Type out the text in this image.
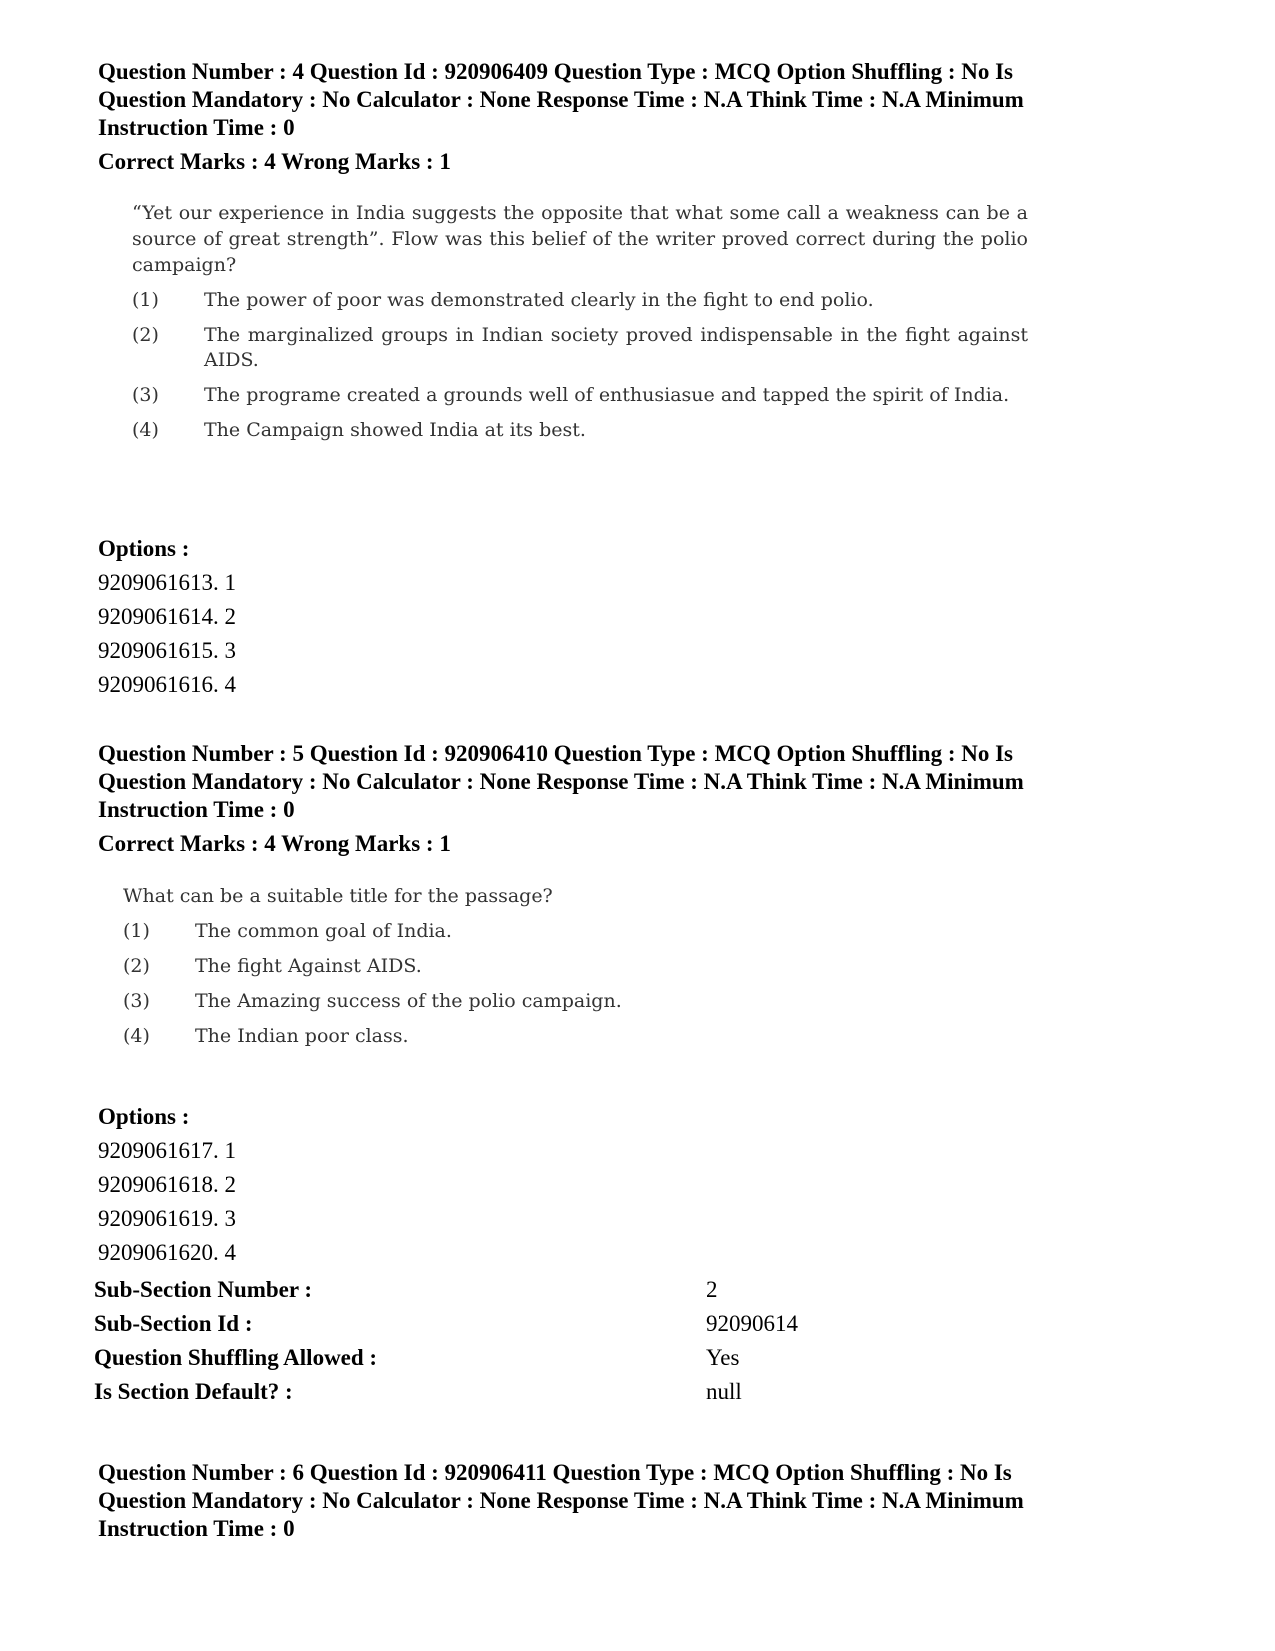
Question Number : 4 Question Id : 920906409 Question Type : MCQ Option Shuffling : No Is

Question Mandatory : No Calculator : None Response Time : N.A Think Time : N.A Minimum

Instruction Time : 0

Correct Marks : 4 Wrong Marks : 1

“Yet our experience in India suggests the opposite that what some call a weakness can be a source of great strength”. Flow was this belief of the writer proved correct during the polio campaign?
(1)	The power of poor was demonstrated clearly in the fight to end polio.
(2)	The marginalized groups in Indian society proved indispensable in the fight against AIDS.
(3)	The programe created a grounds well of enthusiasue and tapped the spirit of India.
(4)	The Campaign showed India at its best.

Options :

9209061613. 1

9209061614. 2

9209061615. 3

9209061616. 4

Question Number : 5 Question Id : 920906410 Question Type : MCQ Option Shuffling : No Is

Question Mandatory : No Calculator : None Response Time : N.A Think Time : N.A Minimum

Instruction Time : 0

Correct Marks : 4 Wrong Marks : 1

What can be a suitable title for the passage?
(1)	The common goal of India.
(2)	The fight Against AIDS.
(3)	The Amazing success of the polio campaign.
(4)	The Indian poor class.

Options :

9209061617. 1

9209061618. 2

9209061619. 3

9209061620. 4

Sub-Section Number :	2
Sub-Section Id :	92090614
Question Shuffling Allowed :	Yes
Is Section Default? :	null

Question Number : 6 Question Id : 920906411 Question Type : MCQ Option Shuffling : No Is

Question Mandatory : No Calculator : None Response Time : N.A Think Time : N.A Minimum

Instruction Time : 0
